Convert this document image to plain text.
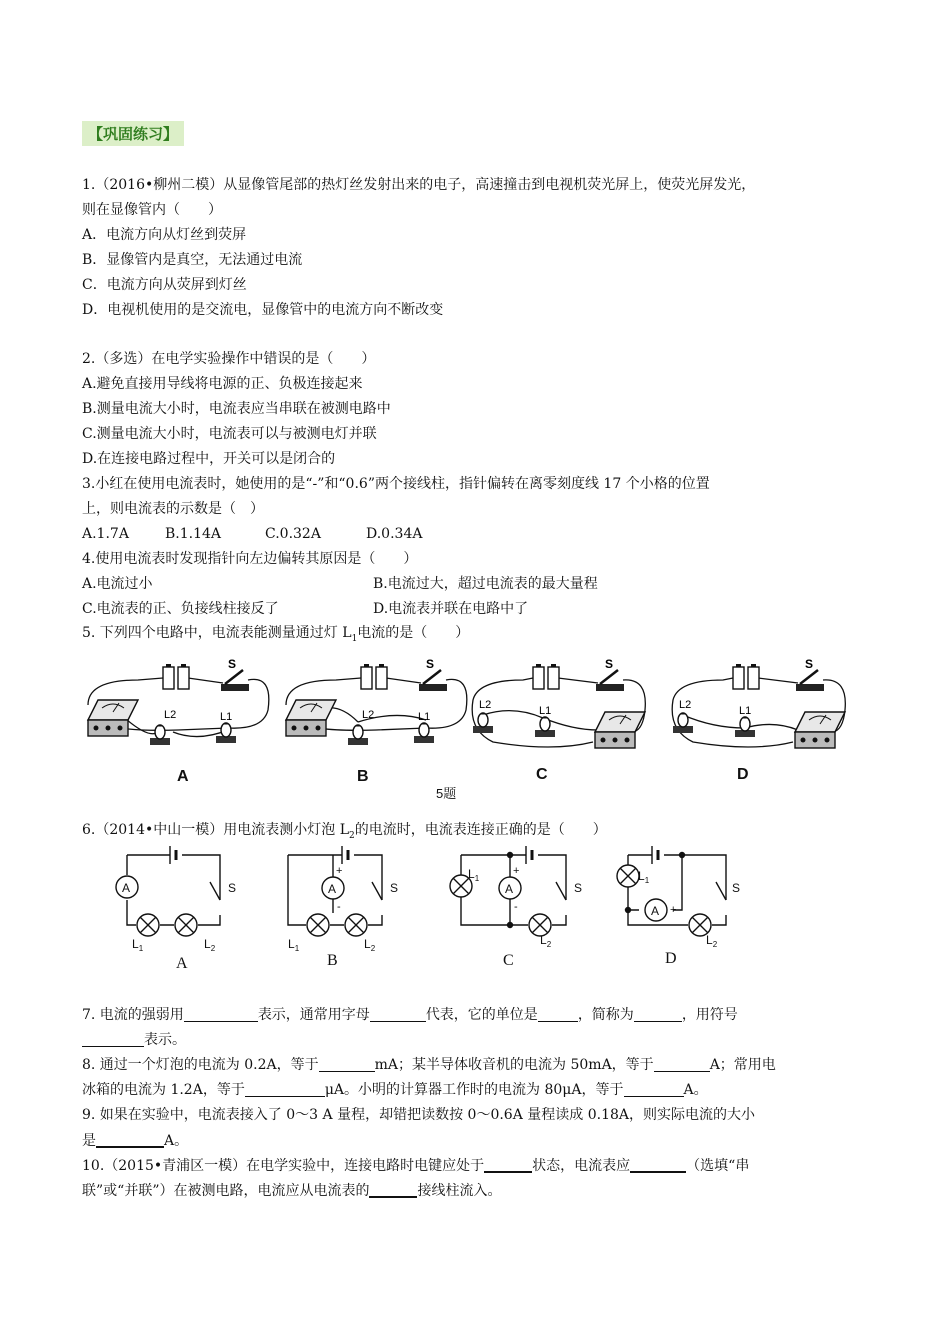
【巩固练习】
1.（2016•柳州二模）从显像管尾部的热灯丝发射出来的电子，高速撞击到电视机荧光屏上，使荧光屏发光，
则在显像管内（　　）
A．电流方向从灯丝到荧屏
B．显像管内是真空，无法通过电流
C．电流方向从荧屏到灯丝
D．电视机使用的是交流电，显像管中的电流方向不断改变
2.（多选）在电学实验操作中错误的是（　　）
A.避免直接用导线将电源的正、负极连接起来
B.测量电流大小时，电流表应当串联在被测电路中
C.测量电流大小时，电流表可以与被测电灯并联
D.在连接电路过程中，开关可以是闭合的
3.小红在使用电流表时，她使用的是“-”和“0.6”两个接线柱，指针偏转在离零刻度线 17 个小格的位置
上，则电流表的示数是（　）
A.1.7A	B.1.14A	C.0.32A	D.0.34A
4.使用电流表时发现指针向左边偏转其原因是（　　）
A.电流过小	B.电流过大，超过电流表的最大量程
C.电流表的正、负接线柱接反了	D.电流表并联在电路中了
5. 下列四个电路中，电流表能测量通过灯 $L_1$电流的是（　　）
S
L2	L1
S
L2	L1
S
L2	L1
S
L2	L1
A	B	C	D
5题
6.（2014•中山一模）用电流表测小灯泡 $L_2$的电流时，电流表连接正确的是（　　）
A	S
$L_1$	$L_2$
A	S
+
-
$L_1$	$L_2$
A	S
+
-
$L_1$
$L_2$
A
S
-	+
$L_1$
$L_2$
A	B	C	D
7. 电流的强弱用	表示，通常用字母	代表，它的单位是	，简称为	，用符号
表示。
8. 通过一个灯泡的电流为 0.2A，等于	mA；某半导体收音机的电流为 50mA，等于	A；常用电
冰箱的电流为 1.2A，等于	μA。小明的计算器工作时的电流为 80μA，等于	A。
9. 如果在实验中，电流表接入了 0～3 A 量程，却错把读数按 0～0.6A 量程读成 0.18A，则实际电流的大小
是	A。
10.（2015•青浦区一模）在电学实验中，连接电路时电键应处于	状态，电流表应	（选填“串
联”或“并联”）在被测电路，电流应从电流表的	接线柱流入。
